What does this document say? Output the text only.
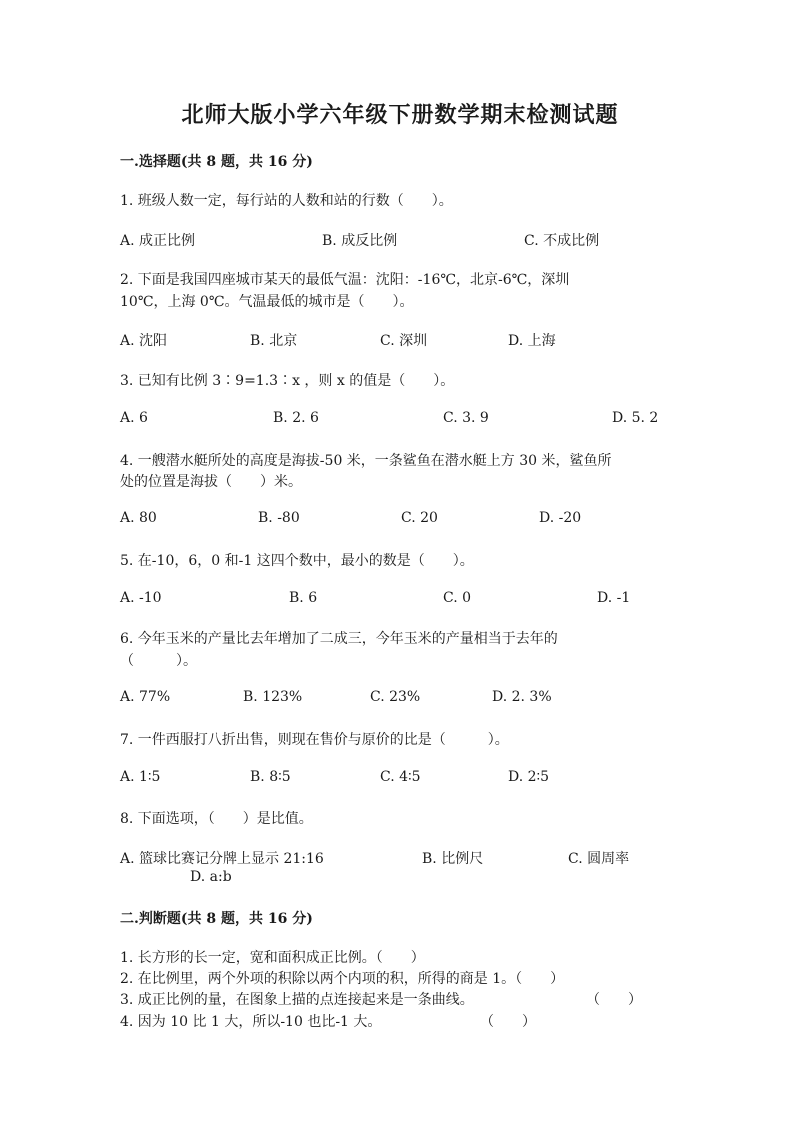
北师大版小学六年级下册数学期末检测试题
一.选择题(共 8 题，共 16 分)
1. 班级人数一定，每行站的人数和站的行数（　　）。
A. 成正比例	B. 成反比例	C. 不成比例
2. 下面是我国四座城市某天的最低气温：沈阳：-16℃，北京-6℃，深圳
10℃，上海 0℃。气温最低的城市是（　　）。
A. 沈阳	B. 北京	C. 深圳	D. 上海
3. 已知有比例 3∶9=1.3∶x ，则 x 的值是（　　）。
A. 6	B. 2. 6	C. 3. 9	D. 5. 2
4. 一艘潜水艇所处的高度是海拔-50 米，一条鲨鱼在潜水艇上方 30 米，鲨鱼所
处的位置是海拔（　　）米。
A. 80	B. -80	C. 20	D. -20
5. 在-10，6，0 和-1 这四个数中，最小的数是（　　）。
A. -10	B. 6	C. 0	D. -1
6. 今年玉米的产量比去年增加了二成三，今年玉米的产量相当于去年的
（　　　）。
A. 77%	B. 123%	C. 23%	D. 2. 3%
7. 一件西服打八折出售，则现在售价与原价的比是（　　　）。
A. 1∶5	B. 8∶5	C. 4∶5	D. 2∶5
8. 下面选项，（　　）是比值。
A. 篮球比赛记分牌上显示 21:16	B. 比例尺	C. 圆周率
D. a:b
二.判断题(共 8 题，共 16 分)
1. 长方形的长一定，宽和面积成正比例。（　　）
2. 在比例里，两个外项的积除以两个内项的积，所得的商是 1。（　　）
3. 成正比例的量，在图象上描的点连接起来是一条曲线。	（　　）
4. 因为 10 比 1 大，所以-10 也比-1 大。	（　　）
